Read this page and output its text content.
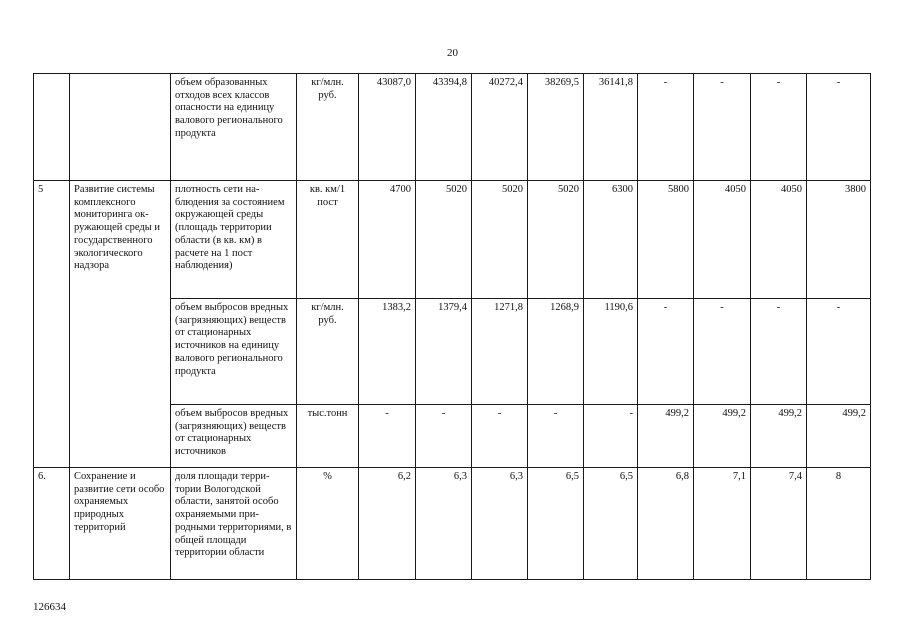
20
		объем образованных отходов всех классов опасности на единицу валового регионального продукта	кг/млн. руб.	43087,0	43394,8	40272,4	38269,5	36141,8	-	-	-	-
5	Развитие системы комплексного мониторинга окружающей среды и государственного экологического надзора	плотность сети наблюдения за состоянием окружающей среды (площадь территории области (в кв. км) в расчете на 1 пост наблюдения)	кв. км/1 пост	4700	5020	5020	5020	6300	5800	4050	4050	3800
		объем выбросов вредных (загрязняющих) веществ от стационарных источников на единицу валового регионального продукта	кг/млн. руб.	1383,2	1379,4	1271,8	1268,9	1190,6	-	-	-	-
		объем выбросов вредных (загрязняющих) веществ от стационарных источников	тыс.тонн	-	-	-	-	-	499,2	499,2	499,2	499,2
6.	Сохранение и развитие сети особо охраняемых природных территорий	доля площади территории Вологодской области, занятой особо охраняемыми природными территориями, в общей площади территории области	%	6,2	6,3	6,3	6,5	6,5	6,8	7,1	7,4	8
126634
